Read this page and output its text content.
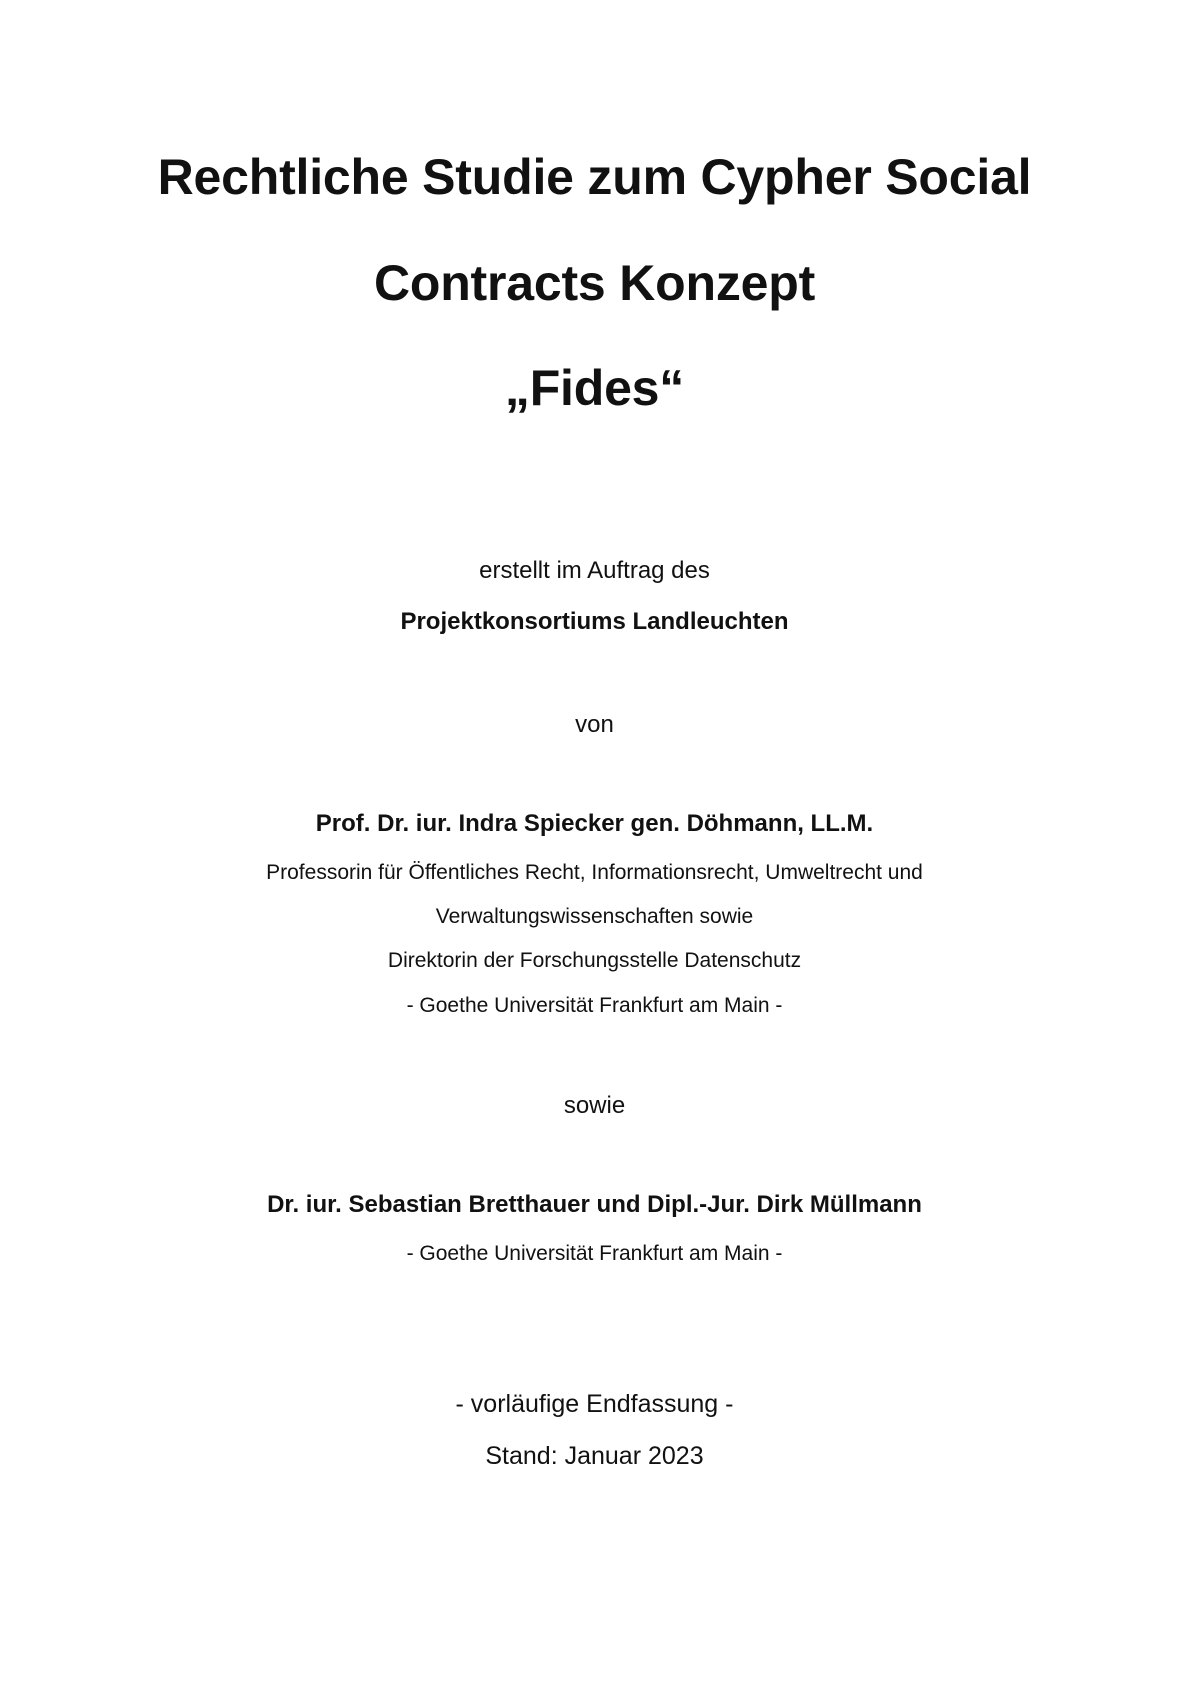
Rechtliche Studie zum Cypher Social
Contracts Konzept
„Fides“
erstellt im Auftrag des
Projektkonsortiums Landleuchten
von
Prof. Dr. iur. Indra Spiecker gen. Döhmann, LL.M.
Professorin für Öffentliches Recht, Informationsrecht, Umweltrecht und
Verwaltungswissenschaften sowie
Direktorin der Forschungsstelle Datenschutz
- Goethe Universität Frankfurt am Main -
sowie
Dr. iur. Sebastian Bretthauer und Dipl.-Jur. Dirk Müllmann
- Goethe Universität Frankfurt am Main -
- vorläufige Endfassung -
Stand: Januar 2023
